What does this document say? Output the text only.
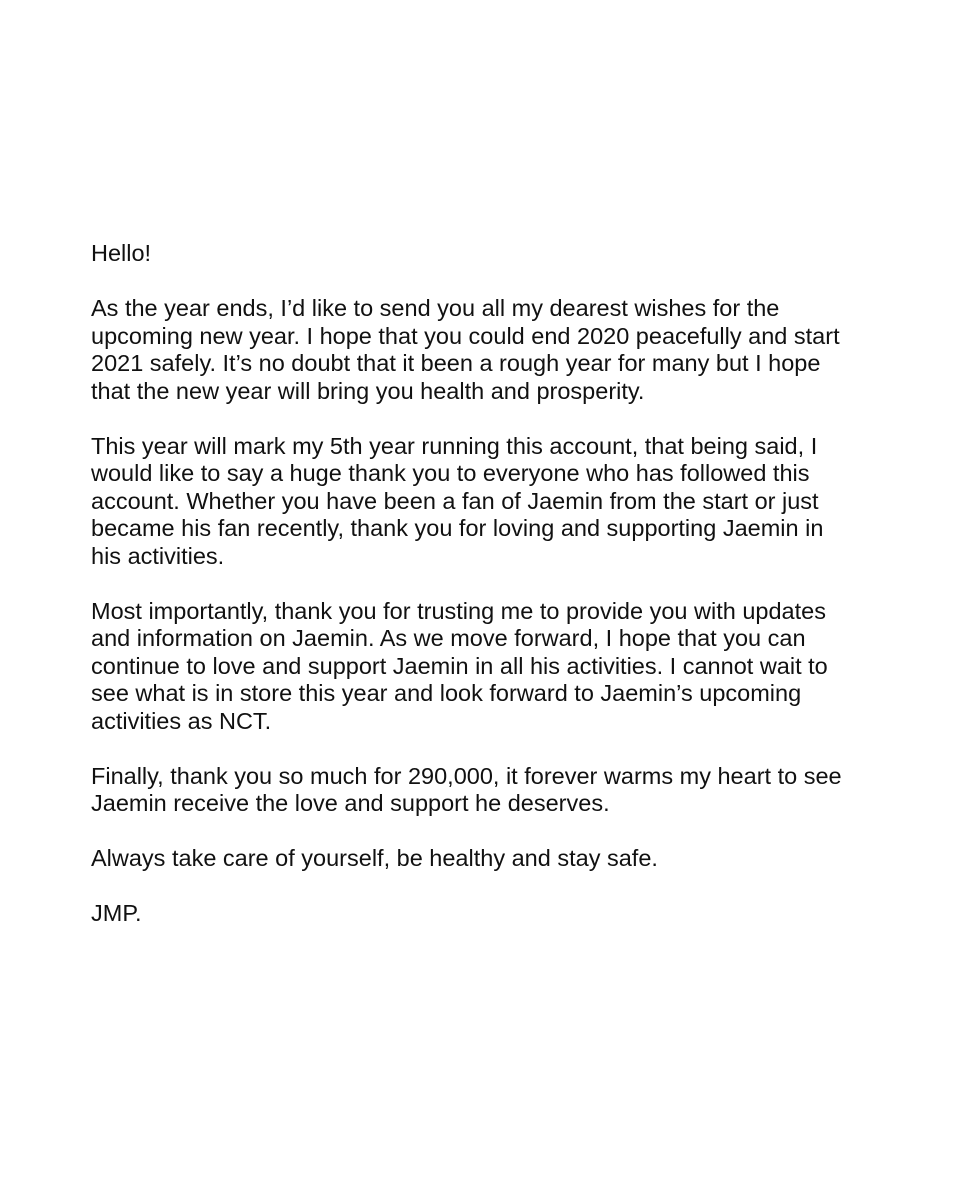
Hello!
As the year ends, I’d like to send you all my dearest wishes for the
upcoming new year. I hope that you could end 2020 peacefully and start
2021 safely. It’s no doubt that it been a rough year for many but I hope
that the new year will bring you health and prosperity.
This year will mark my 5th year running this account, that being said, I
would like to say a huge thank you to everyone who has followed this
account. Whether you have been a fan of Jaemin from the start or just
became his fan recently, thank you for loving and supporting Jaemin in
his activities.
Most importantly, thank you for trusting me to provide you with updates
and information on Jaemin. As we move forward, I hope that you can
continue to love and support Jaemin in all his activities. I cannot wait to
see what is in store this year and look forward to Jaemin’s upcoming
activities as NCT.
Finally, thank you so much for 290,000, it forever warms my heart to see
Jaemin receive the love and support he deserves.
Always take care of yourself, be healthy and stay safe.
JMP.
